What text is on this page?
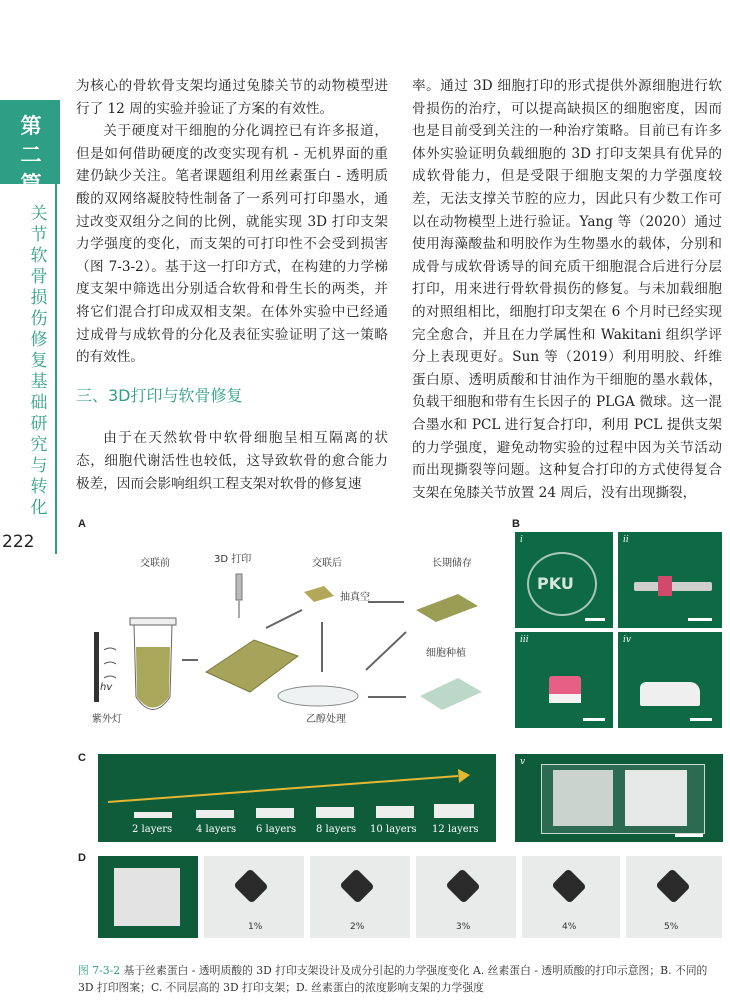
第
二
篇
关
节
软
骨
损
伤
修
复
基
础
研
究
与
转
化
222

为核心的骨软骨支架均通过兔膝关节的动物模型进行了 12 周的实验并验证了方案的有效性。

关于硬度对干细胞的分化调控已有许多报道，但是如何借助硬度的改变实现有机 - 无机界面的重建仍缺少关注。笔者课题组利用丝素蛋白 - 透明质酸的双网络凝胶特性制备了一系列可打印墨水，通过改变双组分之间的比例，就能实现 3D 打印支架力学强度的变化，而支架的可打印性不会受到损害（图 7-3-2）。基于这一打印方式，在构建的力学梯度支架中筛选出分别适合软骨和骨生长的两类，并将它们混合打印成双相支架。在体外实验中已经通过成骨与成软骨的分化及表征实验证明了这一策略的有效性。

三、3D打印与软骨修复

由于在天然软骨中软骨细胞呈相互隔离的状态，细胞代谢活性也较低，这导致软骨的愈合能力极差，因而会影响组织工程支架对软骨的修复速

率。通过 3D 细胞打印的形式提供外源细胞进行软骨损伤的治疗，可以提高缺损区的细胞密度，因而也是目前受到关注的一种治疗策略。目前已有许多体外实验证明负载细胞的 3D 打印支架具有优异的成软骨能力，但是受限于细胞支架的力学强度较差，无法支撑关节腔的应力，因此只有少数工作可以在动物模型上进行验证。Yang 等（2020）通过使用海藻酸盐和明胶作为生物墨水的载体，分别和成骨与成软骨诱导的间充质干细胞混合后进行分层打印，用来进行骨软骨损伤的修复。与未加载细胞的对照组相比，细胞打印支架在 6 个月时已经实现完全愈合，并且在力学属性和 Wakitani 组织学评分上表现更好。Sun 等（2019）利用明胶、纤维蛋白原、透明质酸和甘油作为干细胞的墨水载体，负载干细胞和带有生长因子的 PLGA 微球。这一混合墨水和 PCL 进行复合打印，利用 PCL 提供支架的力学强度，避免动物实验的过程中因为关节活动而出现撕裂等问题。这种复合打印的方式使得复合支架在兔膝关节放置 24 周后，没有出现撕裂，

A	B
C
D
交联前	3D 打印	交联后
抽真空
长期储存
细胞种植
紫外灯
hv
乙醇处理
i
PKU
ii
iii	iv
2 layers 4 layers 6 layers 8 layers 10 layers 12 layers
v
1%	2%	3%	4%	5%
图 7-3-2 基于丝素蛋白 - 透明质酸的 3D 打印支架设计及成分引起的力学强度变化 A. 丝素蛋白 - 透明质酸的打印示意图；B. 不同的 3D 打印图案；C. 不同层高的 3D 打印支架；D. 丝素蛋白的浓度影响支架的力学强度
